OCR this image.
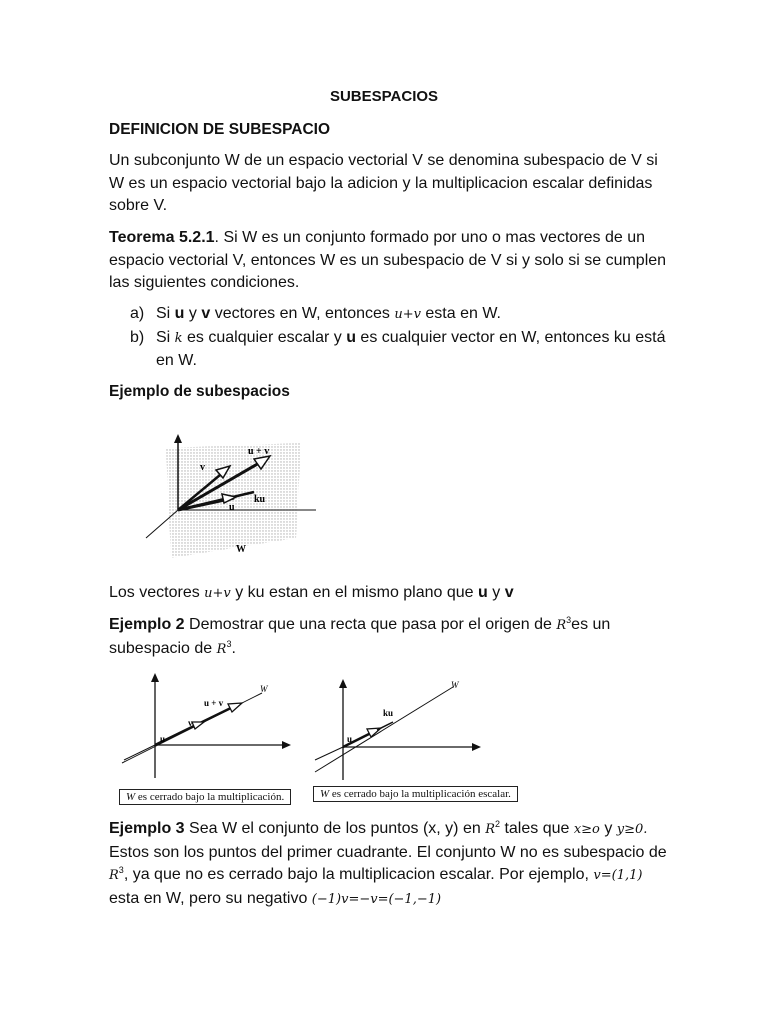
SUBESPACIOS
DEFINICION DE SUBESPACIO
Un subconjunto W de un espacio vectorial V se denomina subespacio de V si W es un espacio vectorial bajo la adicion y la multiplicacion escalar definidas sobre V.
Teorema 5.2.1. Si W es un conjunto formado por uno o mas vectores de un espacio vectorial V, entonces W es un subespacio de V si y solo si se cumplen las siguientes condiciones.
a) Si u y v vectores en W, entonces u+v esta en W.
b) Si k es cualquier escalar y u es cualquier vector en W, entonces ku está en W.
Ejemplo de subespacios
u + v
v
ku
u
W
Los vectores u+v y ku estan en el mismo plano que u y v
Ejemplo 2 Demostrar que una recta que pasa por el origen de $R^3es$ un subespacio de $R^3$.
u + v
v
u
W
W es cerrado bajo la multiplicación.
ku
u
W
W es cerrado bajo la multiplicación escalar.
Ejemplo 3 Sea W el conjunto de los puntos (x, y) en $R^2$ tales que x≥o y y≥0. Estos son los puntos del primer cuadrante. El conjunto W no es subespacio de $R^3$, ya que no es cerrado bajo la multiplicacion escalar. Por ejemplo, v=(1,1) esta en W, pero su negativo (−1)v=−v=(−1,−1)
